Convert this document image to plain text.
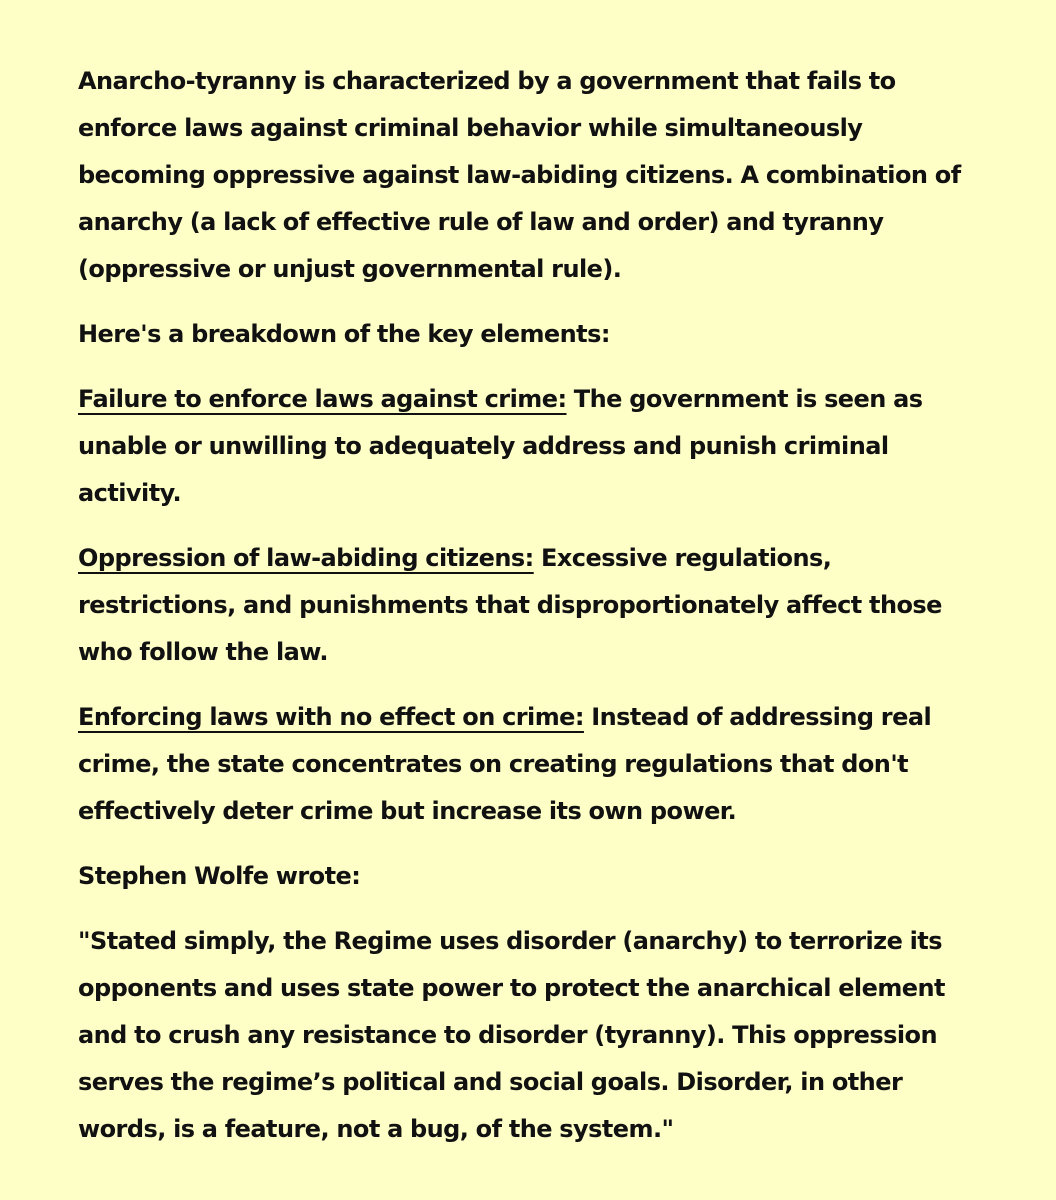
Anarcho-tyranny is characterized by a government that fails to enforce laws against criminal behavior while simultaneously becoming oppressive against law-abiding citizens. A combination of anarchy (a lack of effective rule of law and order) and tyranny (oppressive or unjust governmental rule).

Here's a breakdown of the key elements:

Failure to enforce laws against crime: The government is seen as unable or unwilling to adequately address and punish criminal activity.

Oppression of law-abiding citizens: Excessive regulations, restrictions, and punishments that disproportionately affect those who follow the law.

Enforcing laws with no effect on crime: Instead of addressing real crime, the state concentrates on creating regulations that don't effectively deter crime but increase its own power.

Stephen Wolfe wrote:

"Stated simply, the Regime uses disorder (anarchy) to terrorize its opponents and uses state power to protect the anarchical element and to crush any resistance to disorder (tyranny). This oppression serves the regime’s political and social goals. Disorder, in other words, is a feature, not a bug, of the system."
